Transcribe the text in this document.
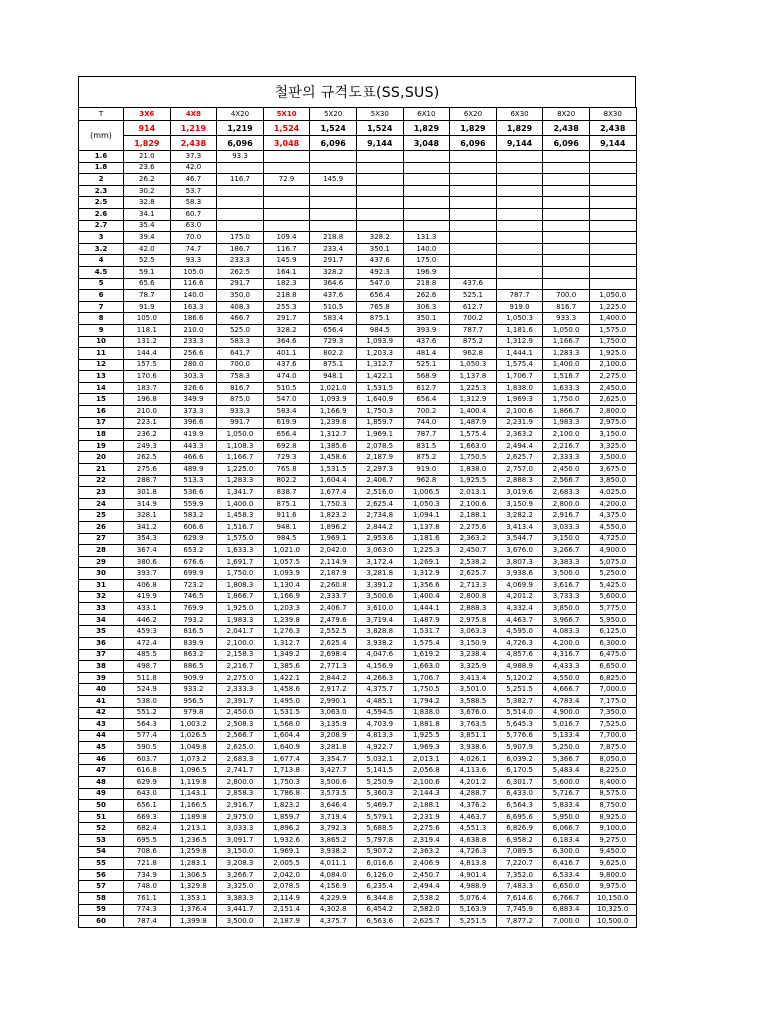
철판의 규격도표(SS,SUS)
T	3X6	4X8	4X20	5X10	5X20	5X30	6X10	6X20	6X30	8X20	8X30
(mm)	914	1,219	1,219	1,524	1,524	1,524	1,829	1,829	1,829	2,438	2,438
	1,829	2,438	6,096	3,048	6,096	9,144	3,048	6,096	9,144	6,096	9,144
1.6	21.0	37.3	93.3								
1.8	23.6	42.0									
2	26.2	46.7	116.7	72.9	145.9						
2.3	30.2	53.7									
2.5	32.8	58.3									
2.6	34.1	60.7									
2.7	35.4	63.0									
3	39.4	70.0	175.0	109.4	218.8	328.2	131.3				
3.2	42.0	74.7	186.7	116.7	233.4	350.1	140.0				
4	52.5	93.3	233.3	145.9	291.7	437.6	175.0				
4.5	59.1	105.0	262.5	164.1	328.2	492.3	196.9				
5	65.6	116.6	291.7	182.3	364.6	547.0	218.8	437.6			
6	78.7	140.0	350.0	218.8	437.6	656.4	262.6	525.1	787.7	700.0	1,050.0
7	91.9	163.3	408.3	255.3	510.5	765.8	306.3	612.7	919.0	816.7	1,225.0
8	105.0	186.6	466.7	291.7	583.4	875.1	350.1	700.2	1,050.3	933.3	1,400.0
9	118.1	210.0	525.0	328.2	656.4	984.5	393.9	787.7	1,181.6	1,050.0	1,575.0
10	131.2	233.3	583.3	364.6	729.3	1,093.9	437.6	875.2	1,312.9	1,166.7	1,750.0
11	144.4	256.6	641.7	401.1	802.2	1,203.3	481.4	962.8	1,444.1	1,283.3	1,925.0
12	157.5	280.0	700.0	437.6	875.1	1,312.7	525.1	1,050.3	1,575.4	1,400.0	2,100.0
13	170.6	303.3	758.3	474.0	948.1	1,422.1	568.9	1,137.8	1,706.7	1,516.7	2,275.0
14	183.7	326.6	816.7	510.5	1,021.0	1,531.5	612.7	1,225.3	1,838.0	1,633.3	2,450.0
15	196.8	349.9	875.0	547.0	1,093.9	1,640.9	656.4	1,312.9	1,969.3	1,750.0	2,625.0
16	210.0	373.3	933.3	583.4	1,166.9	1,750.3	700.2	1,400.4	2,100.6	1,866.7	2,800.0
17	223.1	396.6	991.7	619.9	1,239.8	1,859.7	744.0	1,487.9	2,231.9	1,983.3	2,975.0
18	236.2	419.9	1,050.0	656.4	1,312.7	1,969.1	787.7	1,575.4	2,363.2	2,100.0	3,150.0
19	249.3	443.3	1,108.3	692.8	1,385.6	2,078.5	831.5	1,663.0	2,494.4	2,216.7	3,325.0
20	262.5	466.6	1,166.7	729.3	1,458.6	2,187.9	875.2	1,750.5	2,625.7	2,333.3	3,500.0
21	275.6	489.9	1,225.0	765.8	1,531.5	2,297.3	919.0	1,838.0	2,757.0	2,450.0	3,675.0
22	288.7	513.3	1,283.3	802.2	1,604.4	2,406.7	962.8	1,925.5	2,888.3	2,566.7	3,850.0
23	301.8	536.6	1,341.7	838.7	1,677.4	2,516.0	1,006.5	2,013.1	3,019.6	2,683.3	4,025.0
24	314.9	559.9	1,400.0	875.1	1,750.3	2,625.4	1,050.3	2,100.6	3,150.9	2,800.0	4,200.0
25	328.1	583.2	1,458.3	911.6	1,823.2	2,734.8	1,094.1	2,188.1	3,282.2	2,916.7	4,375.0
26	341.2	606.6	1,516.7	948.1	1,896.2	2,844.2	1,137.8	2,275.6	3,413.4	3,033.3	4,550.0
27	354.3	629.9	1,575.0	984.5	1,969.1	2,953.6	1,181.6	2,363.2	3,544.7	3,150.0	4,725.0
28	367.4	653.2	1,633.3	1,021.0	2,042.0	3,063.0	1,225.3	2,450.7	3,676.0	3,266.7	4,900.0
29	380.6	676.6	1,691.7	1,057.5	2,114.9	3,172.4	1,269.1	2,538.2	3,807.3	3,383.3	5,075.0
30	393.7	699.9	1,750.0	1,093.9	2,187.9	3,281.8	1,312.9	2,625.7	3,938.6	3,500.0	5,250.0
31	406.8	723.2	1,808.3	1,130.4	2,260.8	3,391.2	1,356.6	2,713.3	4,069.9	3,616.7	5,425.0
32	419.9	746.5	1,866.7	1,166.9	2,333.7	3,500.6	1,400.4	2,800.8	4,201.2	3,733.3	5,600.0
33	433.1	769.9	1,925.0	1,203.3	2,406.7	3,610.0	1,444.1	2,888.3	4,332.4	3,850.0	5,775.0
34	446.2	793.2	1,983.3	1,239.8	2,479.6	3,719.4	1,487.9	2,975.8	4,463.7	3,966.7	5,950.0
35	459.3	816.5	2,041.7	1,276.3	2,552.5	3,828.8	1,531.7	3,063.3	4,595.0	4,083.3	6,125.0
36	472.4	839.9	2,100.0	1,312.7	2,625.4	3,938.2	1,575.4	3,150.9	4,726.3	4,200.0	6,300.0
37	485.5	863.2	2,158.3	1,349.2	2,698.4	4,047.6	1,619.2	3,238.4	4,857.6	4,316.7	6,475.0
38	498.7	886.5	2,216.7	1,385.6	2,771.3	4,156.9	1,663.0	3,325.9	4,988.9	4,433.3	6,650.0
39	511.8	909.9	2,275.0	1,422.1	2,844.2	4,266.3	1,706.7	3,413.4	5,120.2	4,550.0	6,825.0
40	524.9	933.2	2,333.3	1,458.6	2,917.2	4,375.7	1,750.5	3,501.0	5,251.5	4,666.7	7,000.0
41	538.0	956.5	2,391.7	1,495.0	2,990.1	4,485.1	1,794.2	3,588.5	5,382.7	4,783.4	7,175.0
42	551.2	979.8	2,450.0	1,531.5	3,063.0	4,594.5	1,838.0	3,676.0	5,514.0	4,900.0	7,350.0
43	564.3	1,003.2	2,508.3	1,568.0	3,135.9	4,703.9	1,881.8	3,763.5	5,645.3	5,016.7	7,525.0
44	577.4	1,026.5	2,566.7	1,604.4	3,208.9	4,813.3	1,925.5	3,851.1	5,776.6	5,133.4	7,700.0
45	590.5	1,049.8	2,625.0	1,640.9	3,281.8	4,922.7	1,969.3	3,938.6	5,907.9	5,250.0	7,875.0
46	603.7	1,073.2	2,683.3	1,677.4	3,354.7	5,032.1	2,013.1	4,026.1	6,039.2	5,366.7	8,050.0
47	616.8	1,096.5	2,741.7	1,713.8	3,427.7	5,141.5	2,056.8	4,113.6	6,170.5	5,483.4	8,225.0
48	629.9	1,119.8	2,800.0	1,750.3	3,500.6	5,250.9	2,100.6	4,201.2	6,301.7	5,600.0	8,400.0
49	643.0	1,143.1	2,858.3	1,786.8	3,573.5	5,360.3	2,144.3	4,288.7	6,433.0	5,716.7	8,575.0
50	656.1	1,166.5	2,916.7	1,823.2	3,646.4	5,469.7	2,188.1	4,376.2	6,564.3	5,833.4	8,750.0
51	669.3	1,189.8	2,975.0	1,859.7	3,719.4	5,579.1	2,231.9	4,463.7	6,695.6	5,950.0	8,925.0
52	682.4	1,213.1	3,033.3	1,896.2	3,792.3	5,688.5	2,275.6	4,551.3	6,826.9	6,066.7	9,100.0
53	695.5	1,236.5	3,091.7	1,932.6	3,865.2	5,797.8	2,319.4	4,638.8	6,958.2	6,183.4	9,275.0
54	708.6	1,259.8	3,150.0	1,969.1	3,938.2	5,907.2	2,363.2	4,726.3	7,089.5	6,300.0	9,450.0
55	721.8	1,283.1	3,208.3	2,005.5	4,011.1	6,016.6	2,406.9	4,813.8	7,220.7	6,416.7	9,625.0
56	734.9	1,306.5	3,266.7	2,042.0	4,084.0	6,126.0	2,450.7	4,901.4	7,352.0	6,533.4	9,800.0
57	748.0	1,329.8	3,325.0	2,078.5	4,156.9	6,235.4	2,494.4	4,988.9	7,483.3	6,650.0	9,975.0
58	761.1	1,353.1	3,383.3	2,114.9	4,229.9	6,344.8	2,538.2	5,076.4	7,614.6	6,766.7	10,150.0
59	774.3	1,376.4	3,441.7	2,151.4	4,302.8	6,454.2	2,582.0	5,163.9	7,745.9	6,883.4	10,325.0
60	787.4	1,399.8	3,500.0	2,187.9	4,375.7	6,563.6	2,625.7	5,251.5	7,877.2	7,000.0	10,500.0
